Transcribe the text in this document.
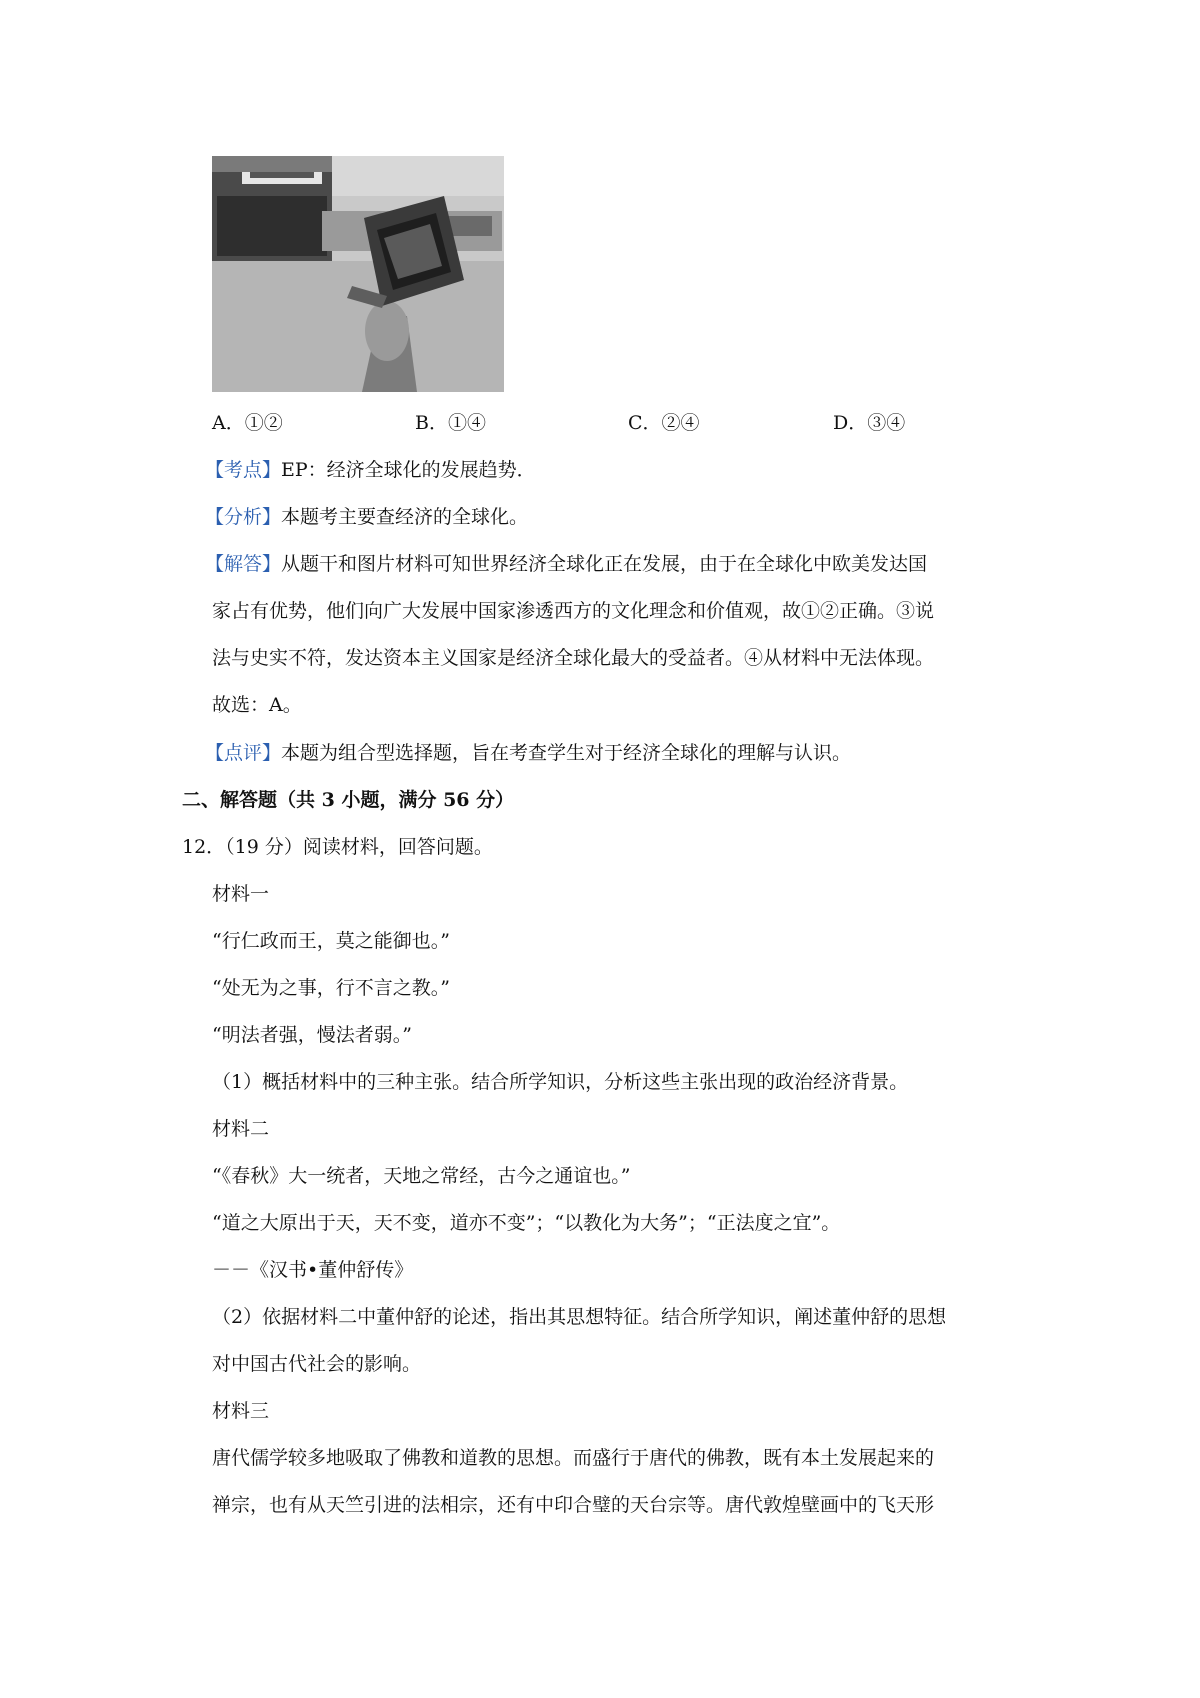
A．①②	B．①④	C．②④	D．③④
【考点】EP：经济全球化的发展趋势．
【分析】本题考主要查经济的全球化。
【解答】从题干和图片材料可知世界经济全球化正在发展，由于在全球化中欧美发达国
家占有优势，他们向广大发展中国家渗透西方的文化理念和价值观，故①②正确。③说
法与史实不符，发达资本主义国家是经济全球化最大的受益者。④从材料中无法体现。
故选：A。
【点评】本题为组合型选择题，旨在考查学生对于经济全球化的理解与认识。
二、解答题（共 3 小题，满分 56 分）
12．（19 分）阅读材料，回答问题。
材料一
“行仁政而王，莫之能御也。”
“处无为之事，行不言之教。”
“明法者强，慢法者弱。”
（1）概括材料中的三种主张。结合所学知识，分析这些主张出现的政治经济背景。
材料二
“《春秋》大一统者，天地之常经，古今之通谊也。”
“道之大原出于天，天不变，道亦不变”；“以教化为大务”；“正法度之宜”。
－－《汉书•董仲舒传》
（2）依据材料二中董仲舒的论述，指出其思想特征。结合所学知识，阐述董仲舒的思想
对中国古代社会的影响。
材料三
唐代儒学较多地吸取了佛教和道教的思想。而盛行于唐代的佛教，既有本土发展起来的
禅宗，也有从天竺引进的法相宗，还有中印合璧的天台宗等。唐代敦煌壁画中的飞天形
